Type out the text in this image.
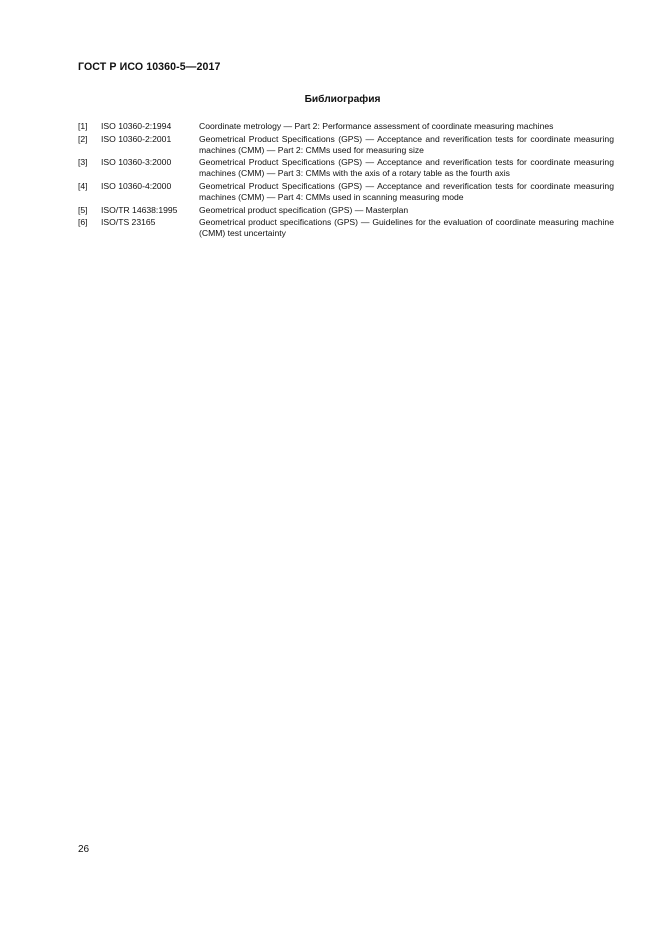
ГОСТ Р ИСО 10360-5—2017
Библиография
[1]	ISO 10360-2:1994	Coordinate metrology — Part 2: Performance assessment of coordinate measuring machines
[2]	ISO 10360-2:2001	Geometrical Product Specifications (GPS) — Acceptance and reverification tests for coordinate measuring machines (CMM) — Part 2: CMMs used for measuring size
[3]	ISO 10360-3:2000	Geometrical Product Specifications (GPS) — Acceptance and reverification tests for coordinate measuring machines (CMM) — Part 3: CMMs with the axis of a rotary table as the fourth axis
[4]	ISO 10360-4:2000	Geometrical Product Specifications (GPS) — Acceptance and reverification tests for coordinate measuring machines (CMM) — Part 4: CMMs used in scanning measuring mode
[5]	ISO/TR 14638:1995	Geometrical product specification (GPS) — Masterplan
[6]	ISO/TS 23165	Geometrical product specifications (GPS) — Guidelines for the evaluation of coordinate measuring machine (CMM) test uncertainty
26
